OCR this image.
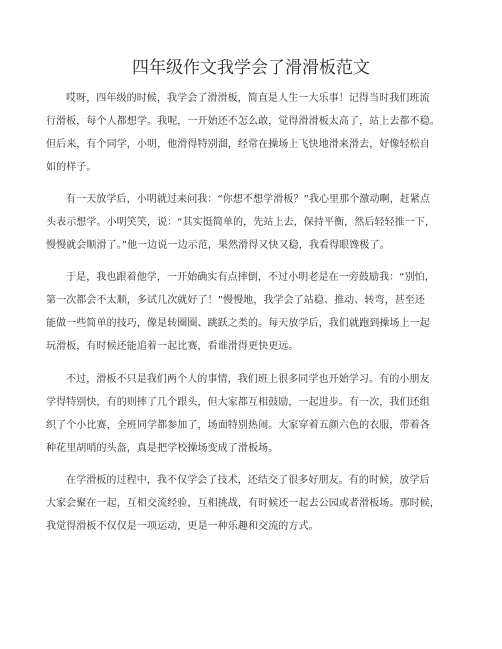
四年级作文我学会了滑滑板范文
哎呀，四年级的时候，我学会了滑滑板，简直是人生一大乐事！记得当时我们班流
行滑板，每个人都想学。我呢，一开始还不怎么敢，觉得滑滑板太高了，站上去都不稳。
但后来，有个同学，小明，他滑得特别溜，经常在操场上飞快地滑来滑去，好像轻松自
如的样子。
有一天放学后，小明就过来问我：“你想不想学滑板？”我心里那个激动啊，赶紧点
头表示想学。小明笑笑，说：“其实挺简单的，先站上去，保持平衡，然后轻轻推一下，
慢慢就会顺滑了。”他一边说一边示范，果然滑得又快又稳，我看得眼馋极了。
于是，我也跟着他学，一开始确实有点摔倒，不过小明老是在一旁鼓励我：“别怕，
第一次都会不太顺，多试几次就好了！”慢慢地，我学会了站稳、推动、转弯，甚至还
能做一些简单的技巧，像是转圈圈、跳跃之类的。每天放学后，我们就跑到操场上一起
玩滑板，有时候还能追着一起比赛，看谁滑得更快更远。
不过，滑板不只是我们两个人的事情，我们班上很多同学也开始学习。有的小朋友
学得特别快，有的则摔了几个跟头，但大家都互相鼓励，一起进步。有一次，我们还组
织了个小比赛，全班同学都参加了，场面特别热闹。大家穿着五颜六色的衣服，带着各
种花里胡哨的头盔，真是把学校操场变成了滑板场。
在学滑板的过程中，我不仅学会了技术，还结交了很多好朋友。有的时候，放学后
大家会聚在一起，互相交流经验，互相挑战，有时候还一起去公园或者滑板场。那时候，
我觉得滑板不仅仅是一项运动，更是一种乐趣和交流的方式。
